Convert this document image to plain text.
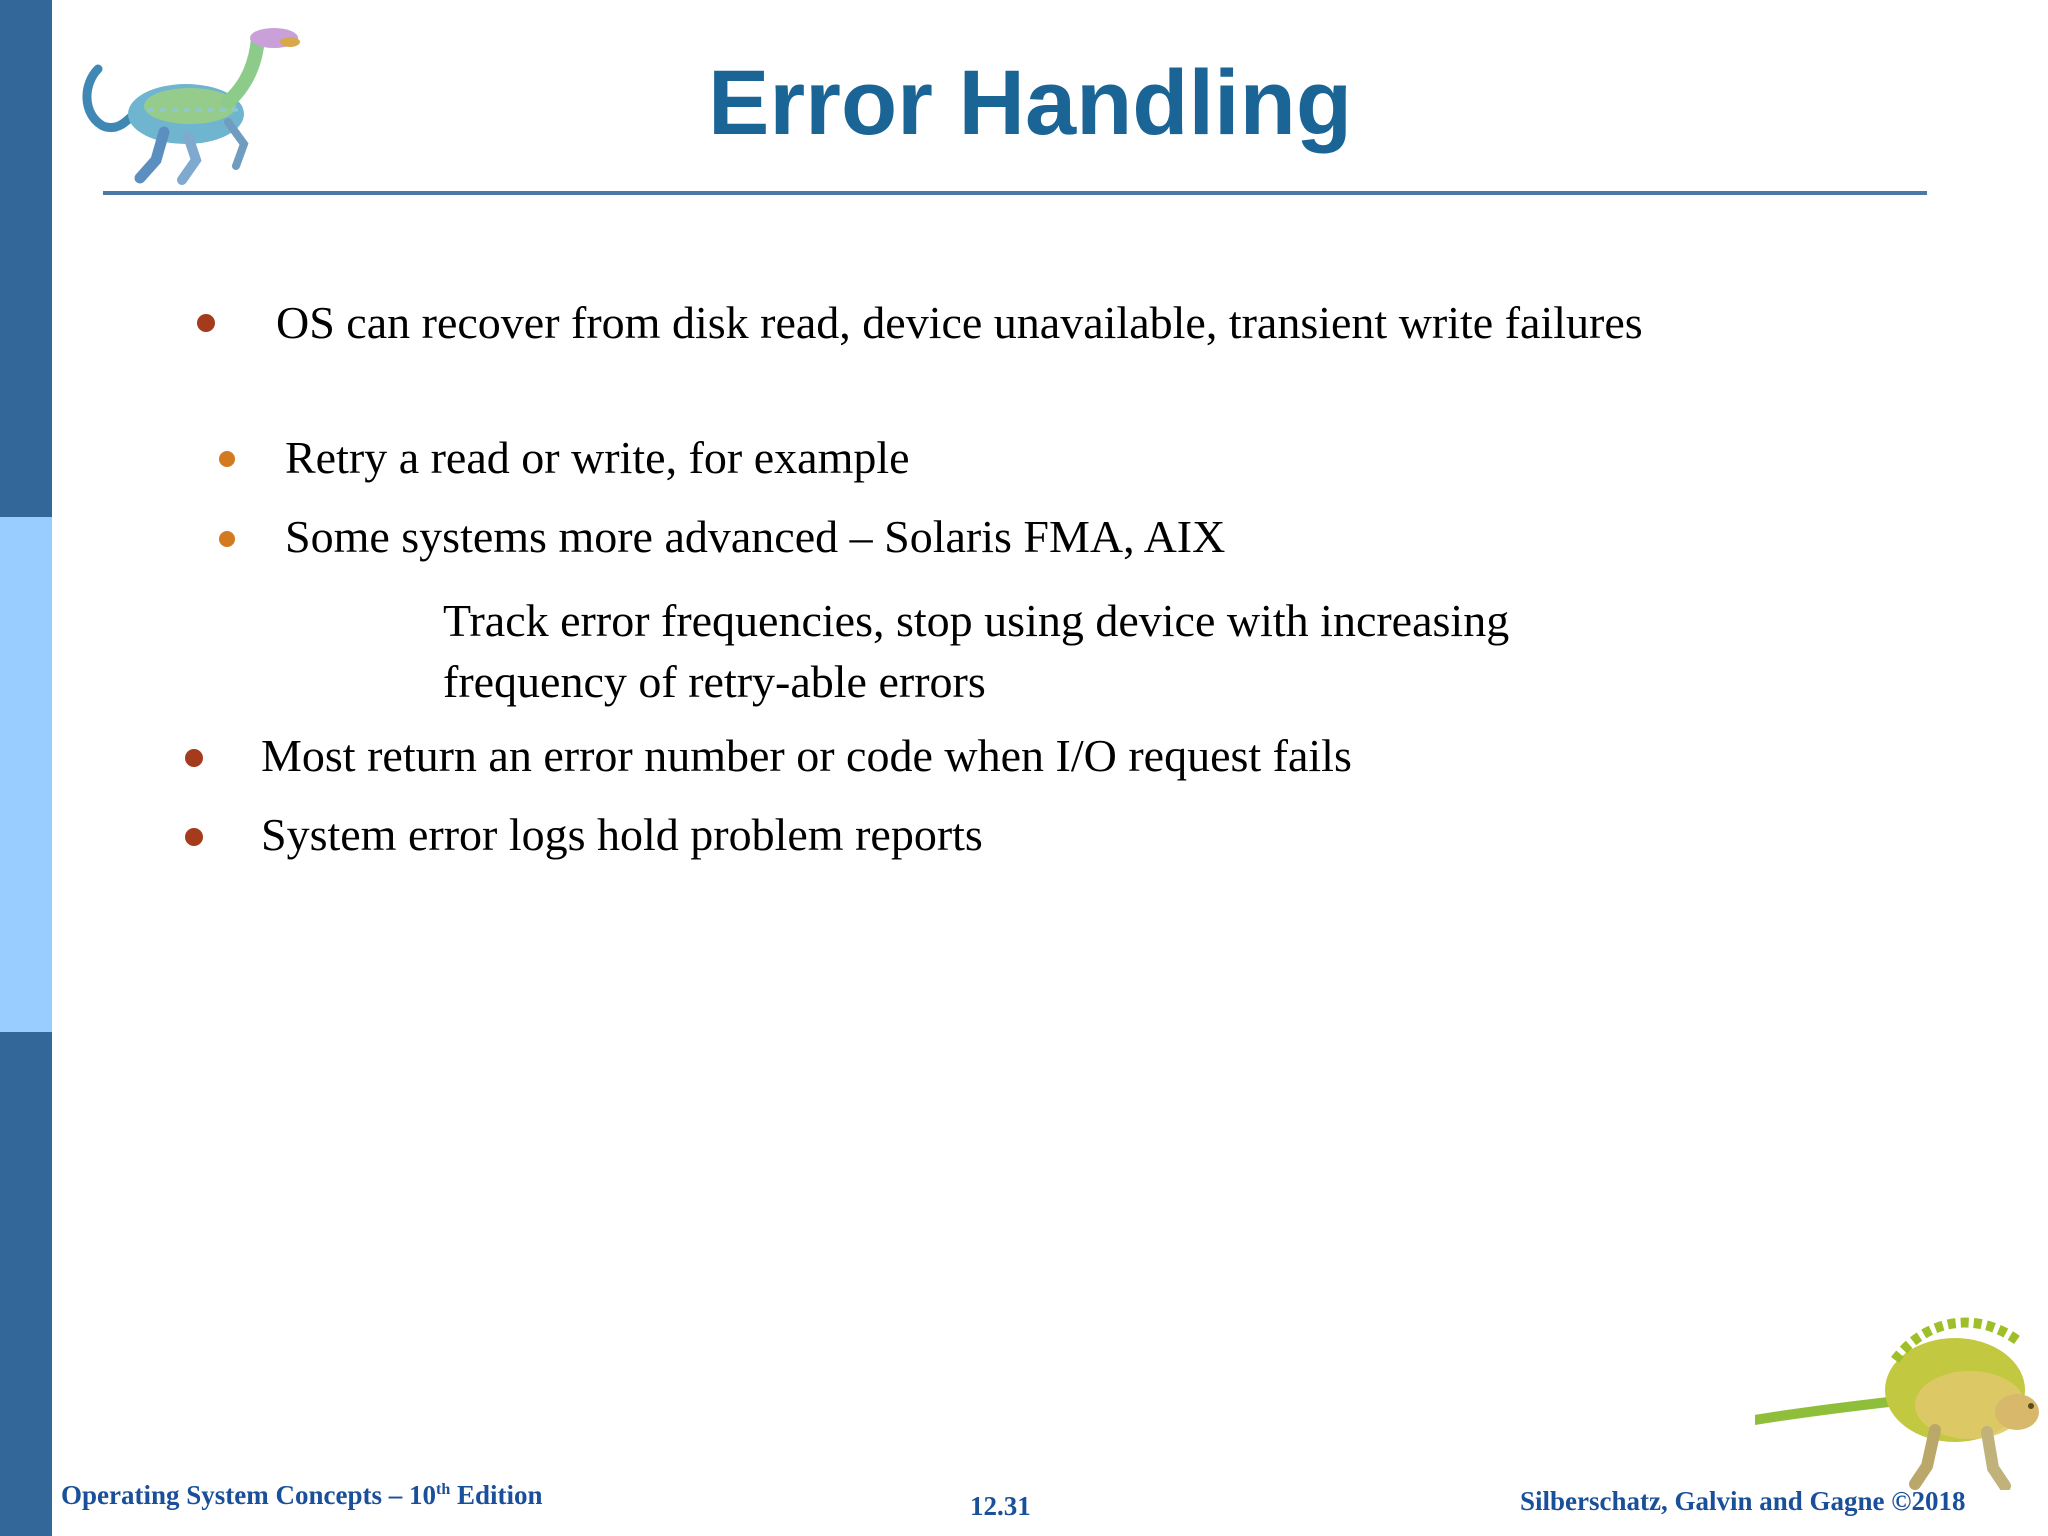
Error Handling

OS can recover from disk read, device unavailable, transient write failures

Retry a read or write, for example

Some systems more advanced – Solaris FMA, AIX

Track error frequencies, stop using device with increasing frequency of retry-able errors

Most return an error number or code when I/O request fails

System error logs hold problem reports

Operating System Concepts – 10th Edition	12.31	Silberschatz, Galvin and Gagne ©2018
